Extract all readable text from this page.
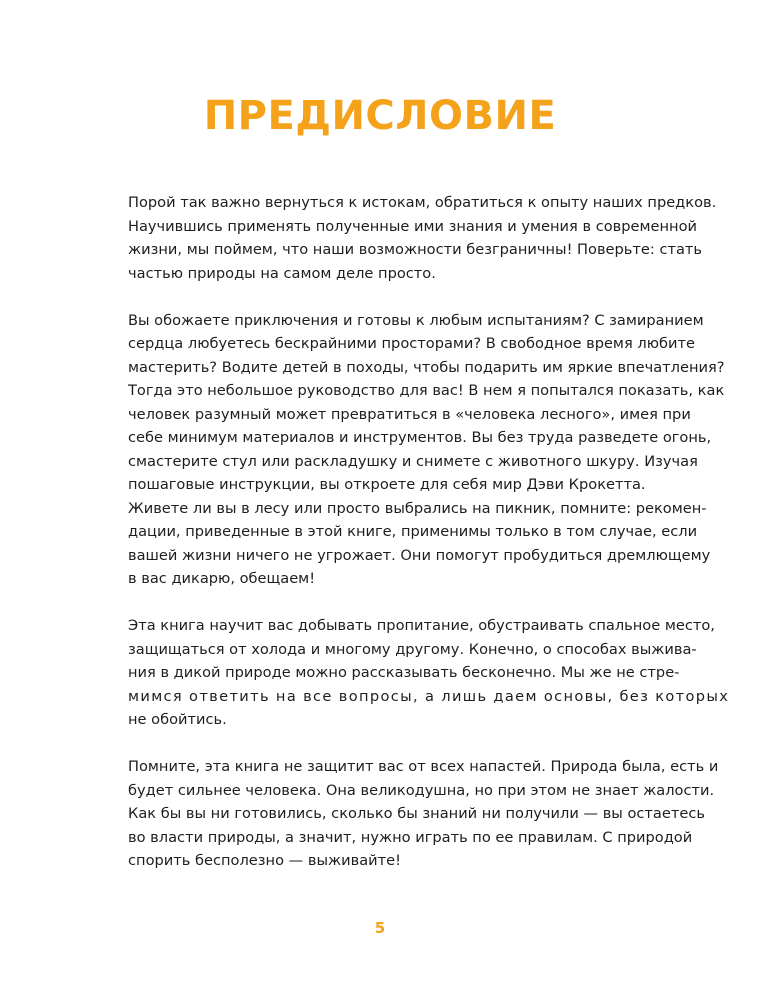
ПРЕДИСЛОВИЕ
Порой так важно вернуться к истокам, обратиться к опыту наших предков.
Научившись применять полученные ими знания и умения в современной
жизни, мы поймем, что наши возможности безграничны! Поверьте: стать
частью природы на самом деле просто.
Вы обожаете приключения и готовы к любым испытаниям? С замиранием
сердца любуетесь бескрайними просторами? В свободное время любите
мастерить? Водите детей в походы, чтобы подарить им яркие впечатления?
Тогда это небольшое руководство для вас! В нем я попытался показать, как
человек разумный может превратиться в «человека лесного», имея при
себе минимум материалов и инструментов. Вы без труда разведете огонь,
смастерите стул или раскладушку и снимете с животного шкуру. Изучая
пошаговые инструкции, вы откроете для себя мир Дэви Крокетта.
Живете ли вы в лесу или просто выбрались на пикник, помните: рекомен-
дации, приведенные в этой книге, применимы только в том случае, если
вашей жизни ничего не угрожает. Они помогут пробудиться дремлющему
в вас дикарю, обещаем!
Эта книга научит вас добывать пропитание, обустраивать спальное место,
защищаться от холода и многому другому. Конечно, о способах выжива-
ния в дикой природе можно рассказывать бесконечно. Мы же не стре-
мимся ответить на все вопросы, а лишь даем основы, без которых
не обойтись.
Помните, эта книга не защитит вас от всех напастей. Природа была, есть и
будет сильнее человека. Она великодушна, но при этом не знает жалости.
Как бы вы ни готовились, сколько бы знаний ни получили — вы остаетесь
во власти природы, а значит, нужно играть по ее правилам. С природой
спорить бесполезно — выживайте!
5
